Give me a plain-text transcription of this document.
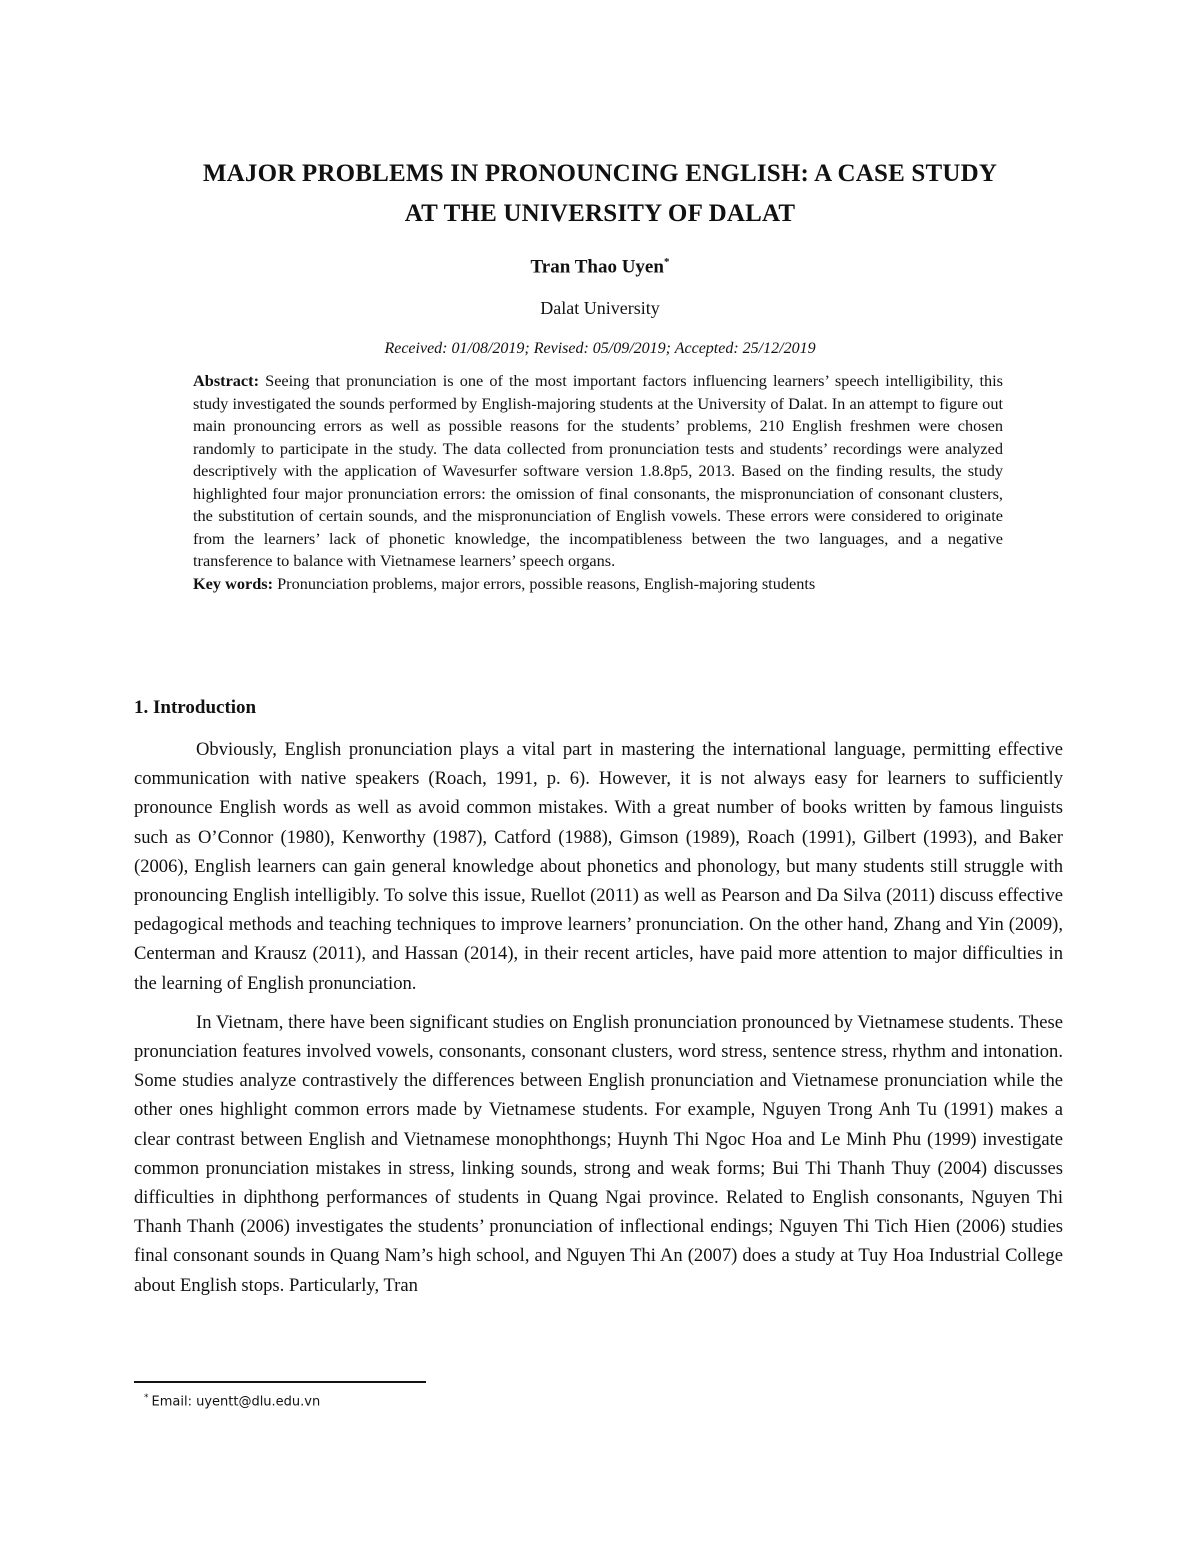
MAJOR PROBLEMS IN PRONOUNCING ENGLISH: A CASE STUDY
AT THE UNIVERSITY OF DALAT
Tran Thao Uyen*
Dalat University
Received: 01/08/2019; Revised: 05/09/2019; Accepted: 25/12/2019

Abstract: Seeing that pronunciation is one of the most important factors influencing learners’ speech intelligibility, this study investigated the sounds performed by English-majoring students at the University of Dalat. In an attempt to figure out main pronouncing errors as well as possible reasons for the students’ problems, 210 English freshmen were chosen randomly to participate in the study. The data collected from pronunciation tests and students’ recordings were analyzed descriptively with the application of Wavesurfer software version 1.8.8p5, 2013. Based on the finding results, the study highlighted four major pronunciation errors: the omission of final consonants, the mispronunciation of consonant clusters, the substitution of certain sounds, and the mispronunciation of English vowels. These errors were considered to originate from the learners’ lack of phonetic knowledge, the incompatibleness between the two languages, and a negative transference to balance with Vietnamese learners’ speech organs.

Key words: Pronunciation problems, major errors, possible reasons, English-majoring students

1. Introduction

Obviously, English pronunciation plays a vital part in mastering the international language, permitting effective communication with native speakers (Roach, 1991, p. 6). However, it is not always easy for learners to sufficiently pronounce English words as well as avoid common mistakes. With a great number of books written by famous linguists such as O’Connor (1980), Kenworthy (1987), Catford (1988), Gimson (1989), Roach (1991), Gilbert (1993), and Baker (2006), English learners can gain general knowledge about phonetics and phonology, but many students still struggle with pronouncing English intelligibly. To solve this issue, Ruellot (2011) as well as Pearson and Da Silva (2011) discuss effective pedagogical methods and teaching techniques to improve learners’ pronunciation. On the other hand, Zhang and Yin (2009), Centerman and Krausz (2011), and Hassan (2014), in their recent articles, have paid more attention to major difficulties in the learning of English pronunciation.

In Vietnam, there have been significant studies on English pronunciation pronounced by Vietnamese students. These pronunciation features involved vowels, consonants, consonant clusters, word stress, sentence stress, rhythm and intonation. Some studies analyze contrastively the differences between English pronunciation and Vietnamese pronunciation while the other ones highlight common errors made by Vietnamese students. For example, Nguyen Trong Anh Tu (1991) makes a clear contrast between English and Vietnamese monophthongs; Huynh Thi Ngoc Hoa and Le Minh Phu (1999) investigate common pronunciation mistakes in stress, linking sounds, strong and weak forms; Bui Thi Thanh Thuy (2004) discusses difficulties in diphthong performances of students in Quang Ngai province. Related to English consonants, Nguyen Thi Thanh Thanh (2006) investigates the students’ pronunciation of inflectional endings; Nguyen Thi Tich Hien (2006) studies final consonant sounds in Quang Nam’s high school, and Nguyen Thi An (2007) does a study at Tuy Hoa Industrial College about English stops. Particularly, Tran

* Email: uyentt@dlu.edu.vn
